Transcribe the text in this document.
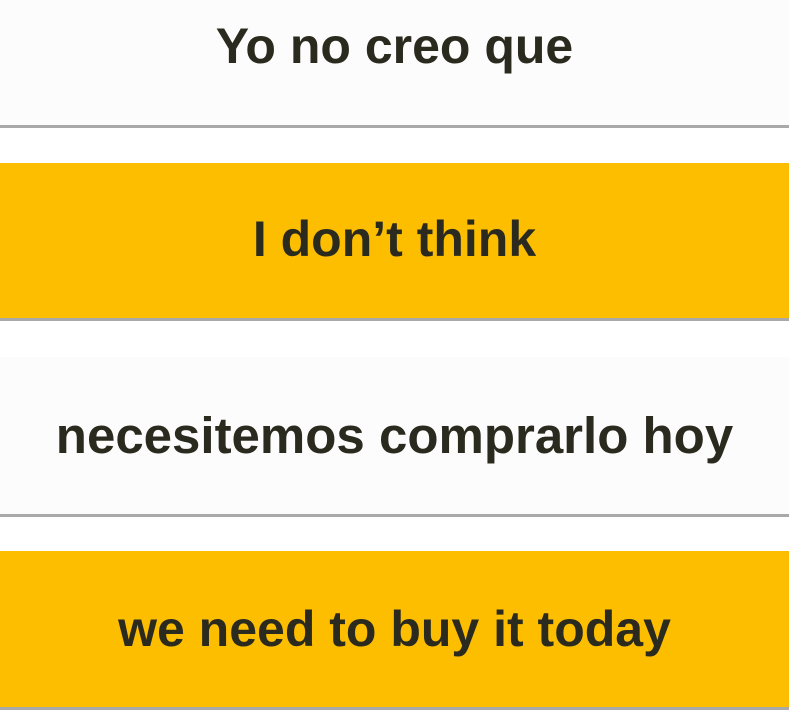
Yo no creo que
I don’t think
necesitemos comprarlo hoy
we need to buy it today
